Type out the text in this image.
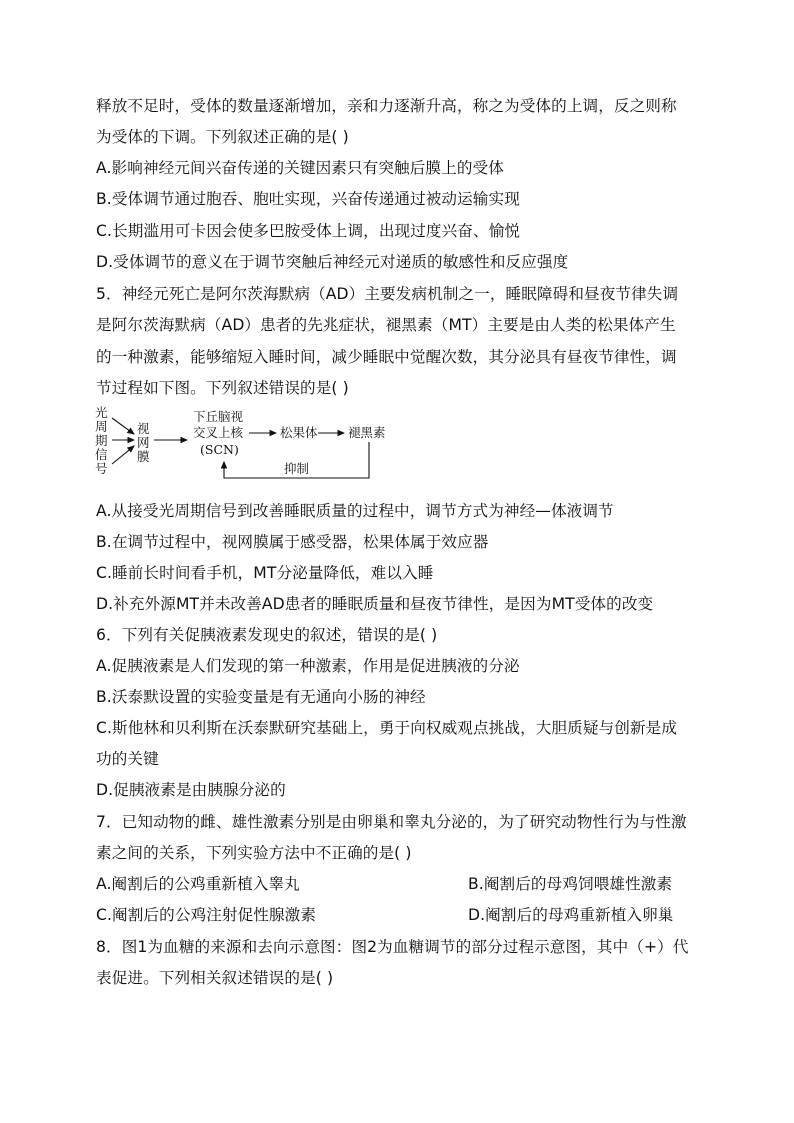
释放不足时，受体的数量逐渐增加，亲和力逐渐升高，称之为受体的上调，反之则称
为受体的下调。下列叙述正确的是( )
A.影响神经元间兴奋传递的关键因素只有突触后膜上的受体
B.受体调节通过胞吞、胞吐实现，兴奋传递通过被动运输实现
C.长期滥用可卡因会使多巴胺受体上调，出现过度兴奋、愉悦
D.受体调节的意义在于调节突触后神经元对递质的敏感性和反应强度
5．神经元死亡是阿尔茨海默病（AD）主要发病机制之一，睡眠障碍和昼夜节律失调
是阿尔茨海默病（AD）患者的先兆症状，褪黑素（MT）主要是由人类的松果体产生
的一种激素，能够缩短入睡时间，减少睡眠中觉醒次数，其分泌具有昼夜节律性，调
节过程如下图。下列叙述错误的是( )
光
周
期
信
号
视
网
膜
下丘脑视
交叉上核
(SCN)
松果体 褪黑素
抑制
A.从接受光周期信号到改善睡眠质量的过程中，调节方式为神经—体液调节
B.在调节过程中，视网膜属于感受器，松果体属于效应器
C.睡前长时间看手机，MT分泌量降低，难以入睡
D.补充外源MT并未改善AD患者的睡眠质量和昼夜节律性，是因为MT受体的改变
6．下列有关促胰液素发现史的叙述，错误的是( )
A.促胰液素是人们发现的第一种激素，作用是促进胰液的分泌
B.沃泰默设置的实验变量是有无通向小肠的神经
C.斯他林和贝利斯在沃泰默研究基础上，勇于向权威观点挑战，大胆质疑与创新是成
功的关键
D.促胰液素是由胰腺分泌的
7．已知动物的雌、雄性激素分别是由卵巢和睾丸分泌的，为了研究动物性行为与性激
素之间的关系，下列实验方法中不正确的是( )
A.阉割后的公鸡重新植入睾丸	B.阉割后的母鸡饲喂雄性激素
C.阉割后的公鸡注射促性腺激素	D.阉割后的母鸡重新植入卵巢
8．图1为血糖的来源和去向示意图：图2为血糖调节的部分过程示意图，其中（+）代
表促进。下列相关叙述错误的是( )
